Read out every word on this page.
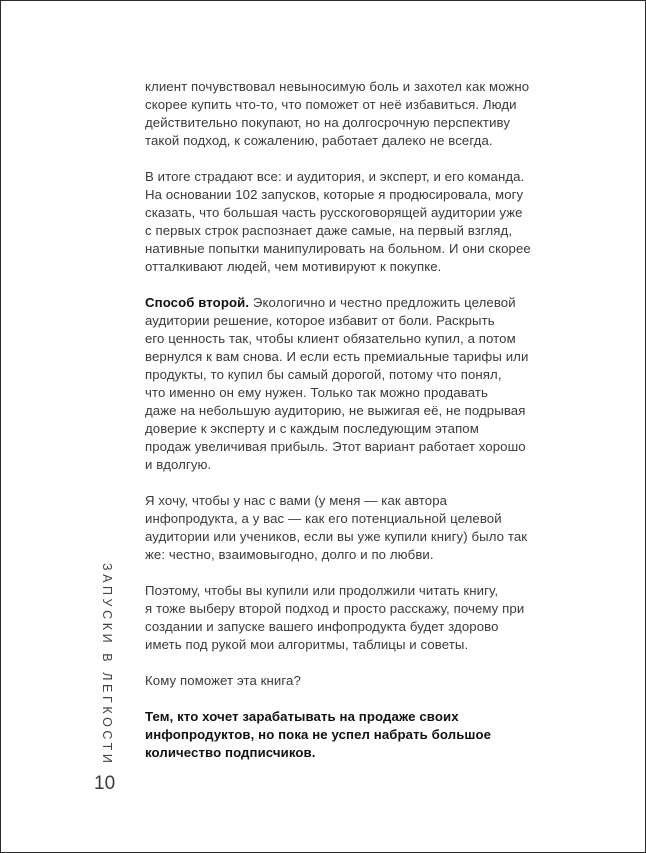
клиент почувствовал невыносимую боль и захотел как можно
скорее купить что-то, что поможет от неё избавиться. Люди
действительно покупают, но на долгосрочную перспективу
такой подход, к сожалению, работает далеко не всегда.

В итоге страдают все: и аудитория, и эксперт, и его команда.
На основании 102 запусков, которые я продюсировала, могу
сказать, что большая часть русскоговорящей аудитории уже
с первых строк распознает даже самые, на первый взгляд,
нативные попытки манипулировать на больном. И они скорее
отталкивают людей, чем мотивируют к покупке.

Способ второй. Экологично и честно предложить целевой
аудитории решение, которое избавит от боли. Раскрыть
его ценность так, чтобы клиент обязательно купил, а потом
вернулся к вам снова. И если есть премиальные тарифы или
продукты, то купил бы самый дорогой, потому что понял,
что именно он ему нужен. Только так можно продавать
даже на небольшую аудиторию, не выжигая её, не подрывая
доверие к эксперту и с каждым последующим этапом
продаж увеличивая прибыль. Этот вариант работает хорошо
и вдолгую.

Я хочу, чтобы у нас с вами (у меня — как автора
инфопродукта, а у вас — как его потенциальной целевой
аудитории или учеников, если вы уже купили книгу) было так
же: честно, взаимовыгодно, долго и по любви.

Поэтому, чтобы вы купили или продолжили читать книгу,
я тоже выберу второй подход и просто расскажу, почему при
создании и запуске вашего инфопродукта будет здорово
иметь под рукой мои алгоритмы, таблицы и советы.

Кому поможет эта книга?

Тем, кто хочет зарабатывать на продаже своих
инфопродуктов, но пока не успел набрать большое
количество подписчиков.

ЗАПУСКИ В ЛЕГКОСТИ
10
